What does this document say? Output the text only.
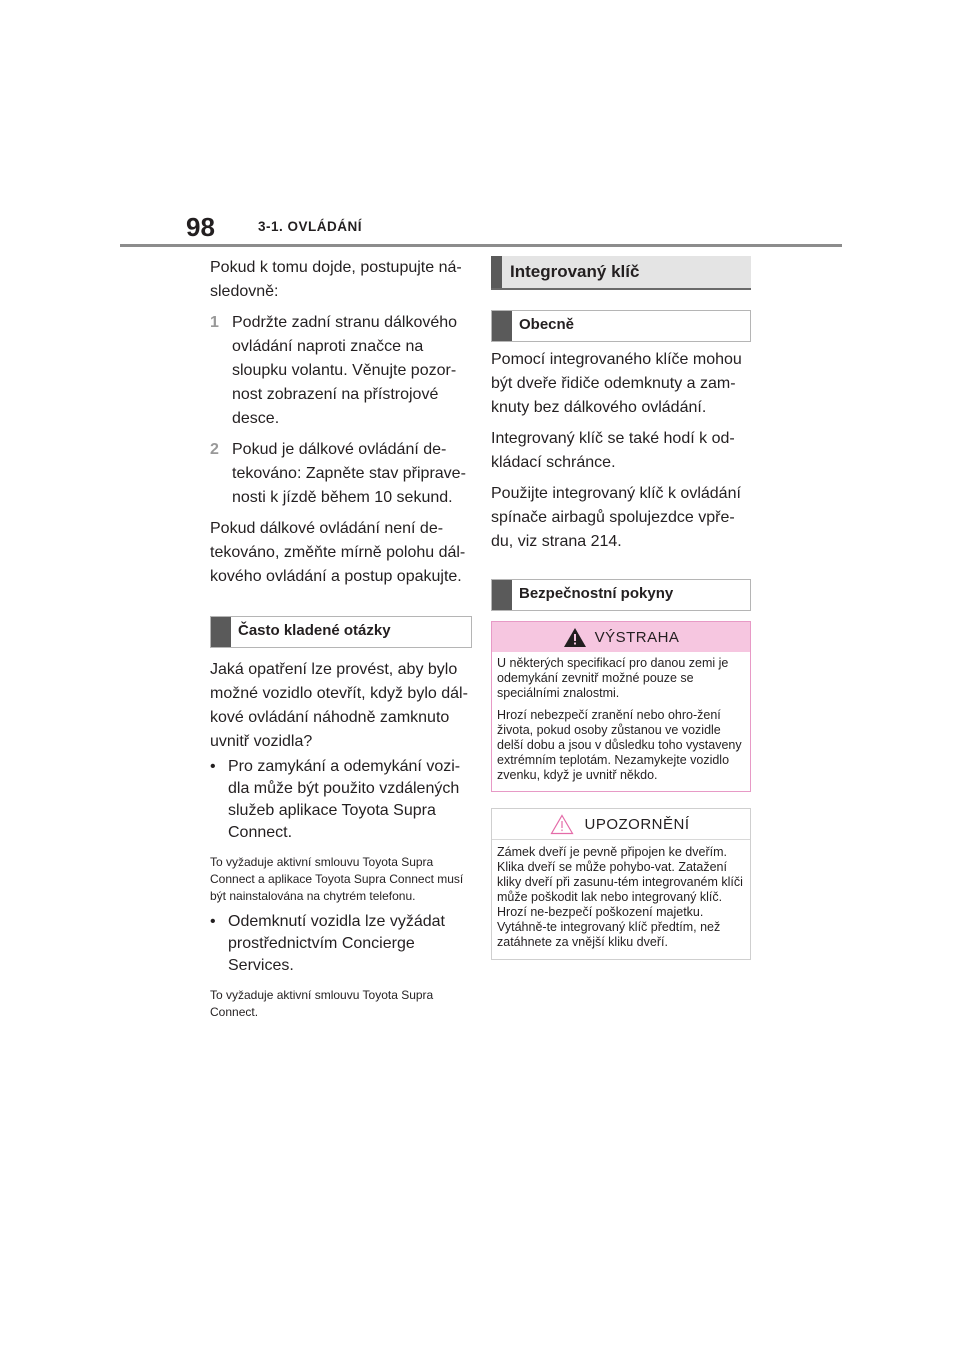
98	3-1. OVLÁDÁNÍ

Pokud k tomu dojde, postupujte ná-sledovně:

1 Podržte zadní stranu dálkového ovládání naproti značce na sloupku volantu. Věnujte pozor-nost zobrazení na přístrojové desce.
2 Pokud je dálkové ovládání de-tekováno: Zapněte stav připrave-nosti k jízdě během 10 sekund.

Pokud dálkové ovládání není de-tekováno, změňte mírně polohu dál-kového ovládání a postup opakujte.

Často kladené otázky

Jaká opatření lze provést, aby bylo možné vozidlo otevřít, když bylo dál-kové ovládání náhodně zamknuto uvnitř vozidla?

• Pro zamykání a odemykání vozi-dla může být použito vzdálených služeb aplikace Toyota Supra Connect.

To vyžaduje aktivní smlouvu Toyota Supra Connect a aplikace Toyota Supra Connect musí být nainstalována na chytrém telefonu.

• Odemknutí vozidla lze vyžádat prostřednictvím Concierge Services.

To vyžaduje aktivní smlouvu Toyota Supra Connect.

Integrovaný klíč
Obecně

Pomocí integrovaného klíče mohou být dveře řidiče odemknuty a zam-knuty bez dálkového ovládání.

Integrovaný klíč se také hodí k od-kládací schránce.

Použijte integrovaný klíč k ovládání spínače airbagů spolujezdce vpře-du, viz strana 214.

Bezpečnostní pokyny
VÝSTRAHA

U některých specifikací pro danou zemi je odemykání zevnitř možné pouze se speciálními znalostmi.

Hrozí nebezpečí zranění nebo ohro-žení života, pokud osoby zůstanou ve vozidle delší dobu a jsou v důsledku toho vystaveny extrémním teplotám. Nezamykejte vozidlo zvenku, když je uvnitř někdo.

UPOZORNĚNÍ

Zámek dveří je pevně připojen ke dveřím. Klika dveří se může pohybo-vat. Zatažení kliky dveří při zasunu-tém integrovaném klíči může poškodit lak nebo integrovaný klíč. Hrozí ne-bezpečí poškození majetku. Vytáhně-te integrovaný klíč předtím, než zatáhnete za vnější kliku dveří.
